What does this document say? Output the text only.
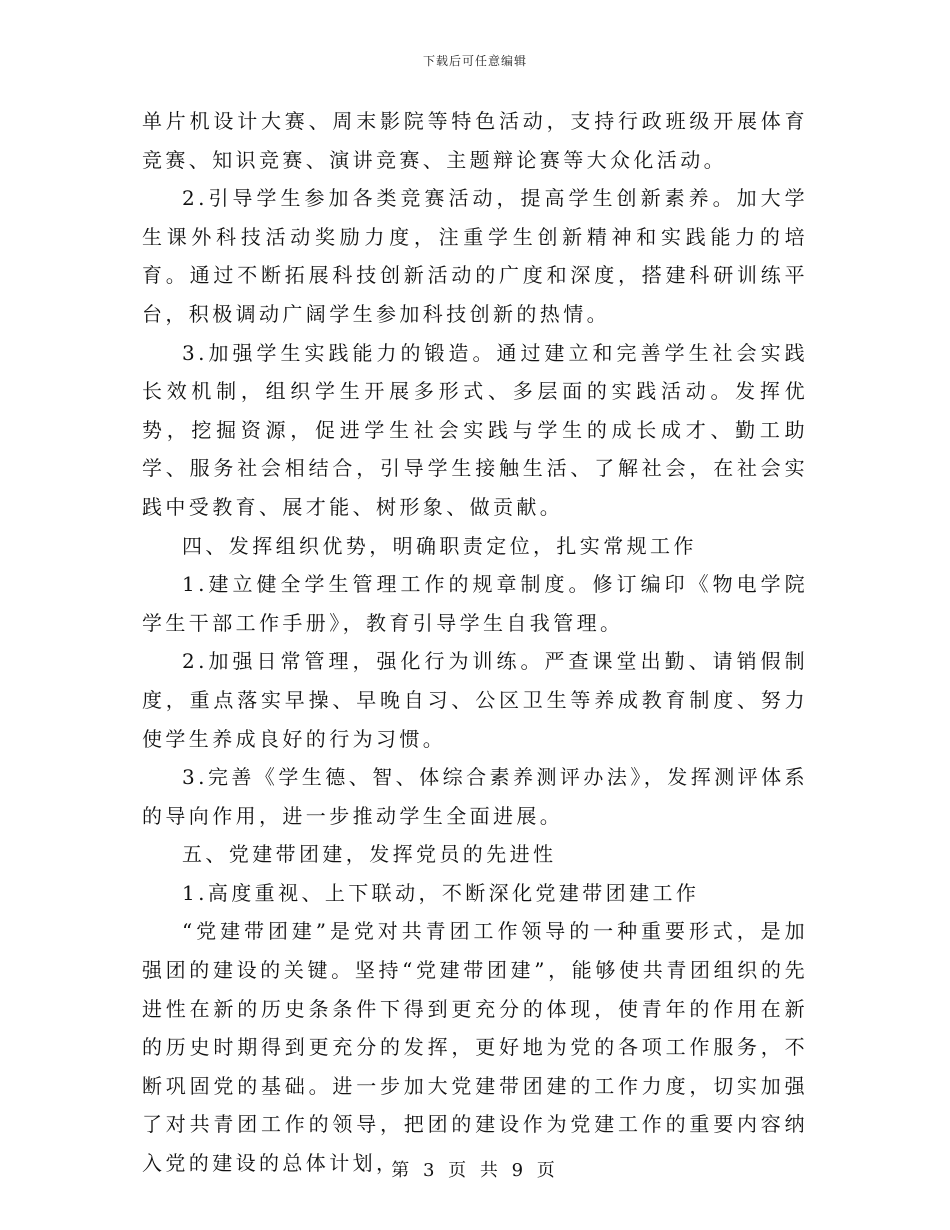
下载后可任意编辑

单片机设计大赛、周末影院等特色活动，支持行政班级开展体育竞赛、知识竞赛、演讲竞赛、主题辩论赛等大众化活动。

2.引导学生参加各类竞赛活动，提高学生创新素养。加大学生课外科技活动奖励力度，注重学生创新精神和实践能力的培育。通过不断拓展科技创新活动的广度和深度，搭建科研训练平台，积极调动广阔学生参加科技创新的热情。

3.加强学生实践能力的锻造。通过建立和完善学生社会实践长效机制，组织学生开展多形式、多层面的实践活动。发挥优势，挖掘资源，促进学生社会实践与学生的成长成才、勤工助学、服务社会相结合，引导学生接触生活、了解社会，在社会实践中受教育、展才能、树形象、做贡献。

四、发挥组织优势，明确职责定位，扎实常规工作

1.建立健全学生管理工作的规章制度。修订编印《物电学院学生干部工作手册》，教育引导学生自我管理。

2.加强日常管理，强化行为训练。严查课堂出勤、请销假制度，重点落实早操、早晚自习、公区卫生等养成教育制度、努力使学生养成良好的行为习惯。

3.完善《学生德、智、体综合素养测评办法》，发挥测评体系的导向作用，进一步推动学生全面进展。

五、党建带团建，发挥党员的先进性

1.高度重视、上下联动，不断深化党建带团建工作

“党建带团建”是党对共青团工作领导的一种重要形式，是加强团的建设的关键。坚持“党建带团建”，能够使共青团组织的先进性在新的历史条条件下得到更充分的体现，使青年的作用在新的历史时期得到更充分的发挥，更好地为党的各项工作服务，不断巩固党的基础。进一步加大党建带团建的工作力度，切实加强了对共青团工作的领导，把团的建设作为党建工作的重要内容纳入党的建设的总体计划，

第 3 页 共 9 页
